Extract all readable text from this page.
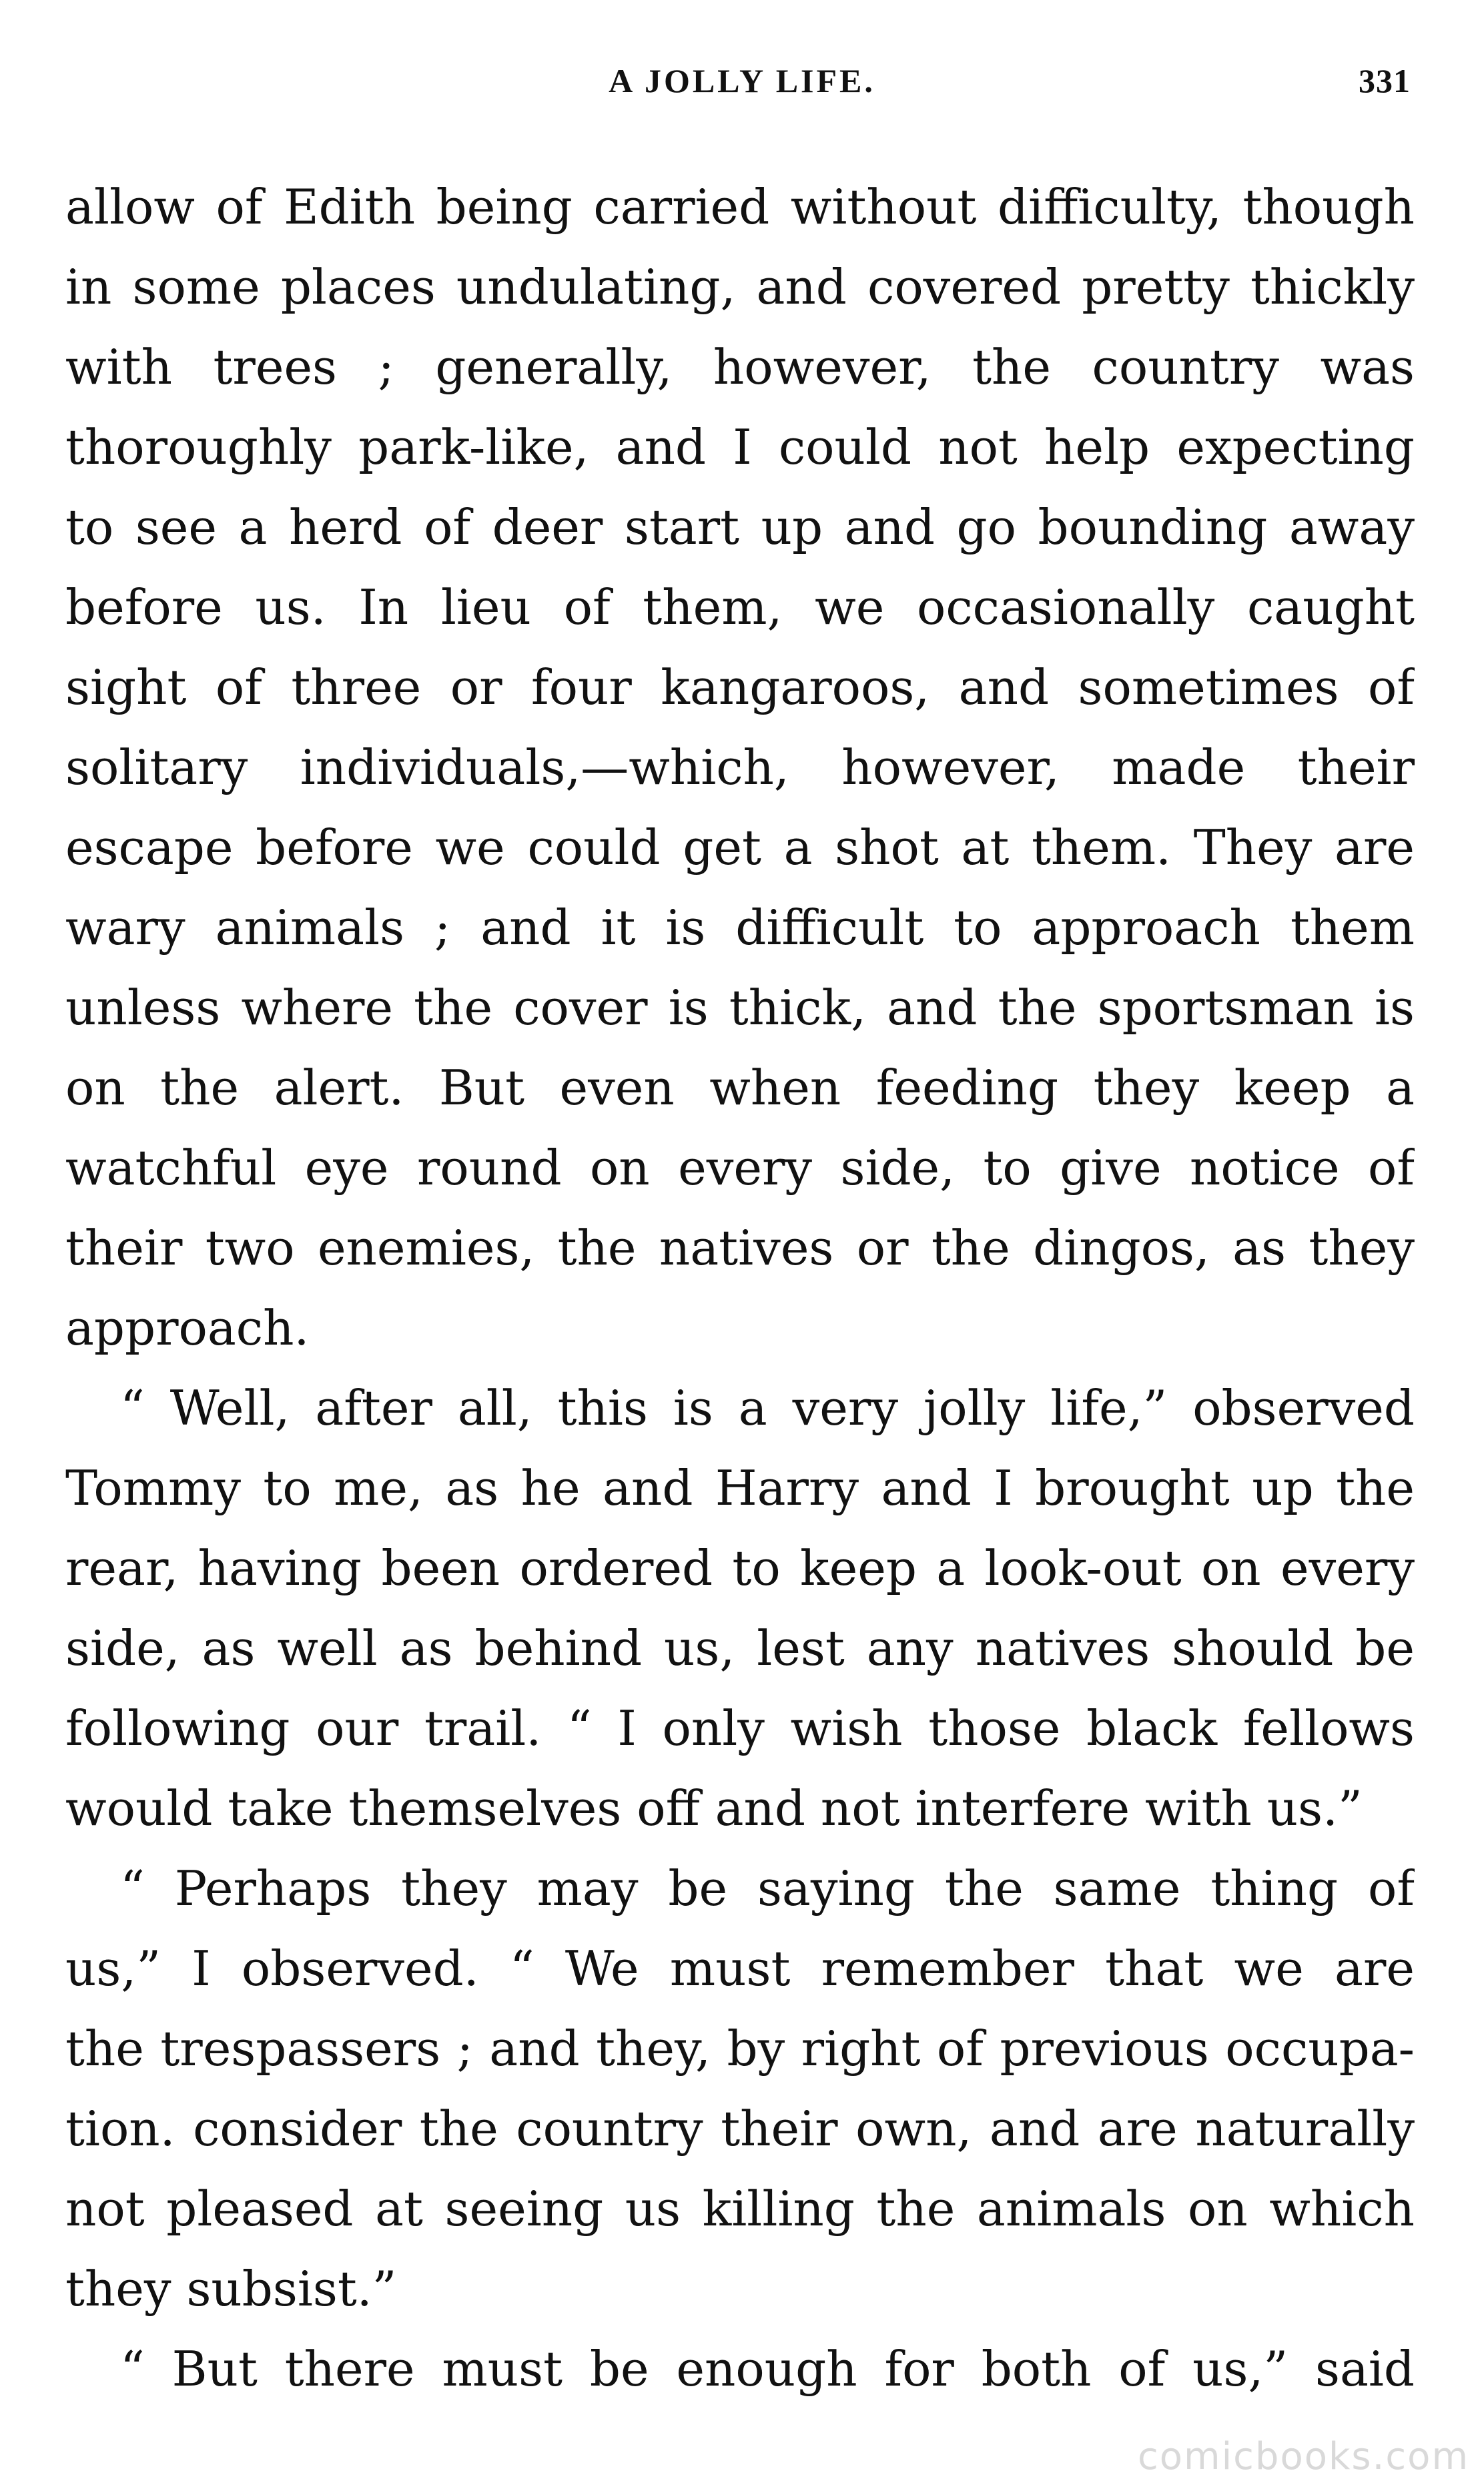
A JOLLY LIFE.	331
allow of Edith being carried without difficulty, though
in some places undulating, and covered pretty thickly
with trees ; generally, however, the country was
thoroughly park-like, and I could not help expecting
to see a herd of deer start up and go bounding away
before us. In lieu of them, we occasionally caught
sight of three or four kangaroos, and sometimes of
solitary individuals,—which, however, made their
escape before we could get a shot at them. They are
wary animals ; and it is difficult to approach them
unless where the cover is thick, and the sportsman is
on the alert. But even when feeding they keep a
watchful eye round on every side, to give notice of
their two enemies, the natives or the dingos, as they
approach.
“ Well, after all, this is a very jolly life,” observed
Tommy to me, as he and Harry and I brought up the
rear, having been ordered to keep a look-out on every
side, as well as behind us, lest any natives should be
following our trail. “ I only wish those black fellows
would take themselves off and not interfere with us.”
“ Perhaps they may be saying the same thing of
us,” I observed. “ We must remember that we are
the trespassers ; and they, by right of previous occupa-
tion. consider the country their own, and are naturally
not pleased at seeing us killing the animals on which
they subsist.”
“ But there must be enough for both of us,” said
comicbooks.com
